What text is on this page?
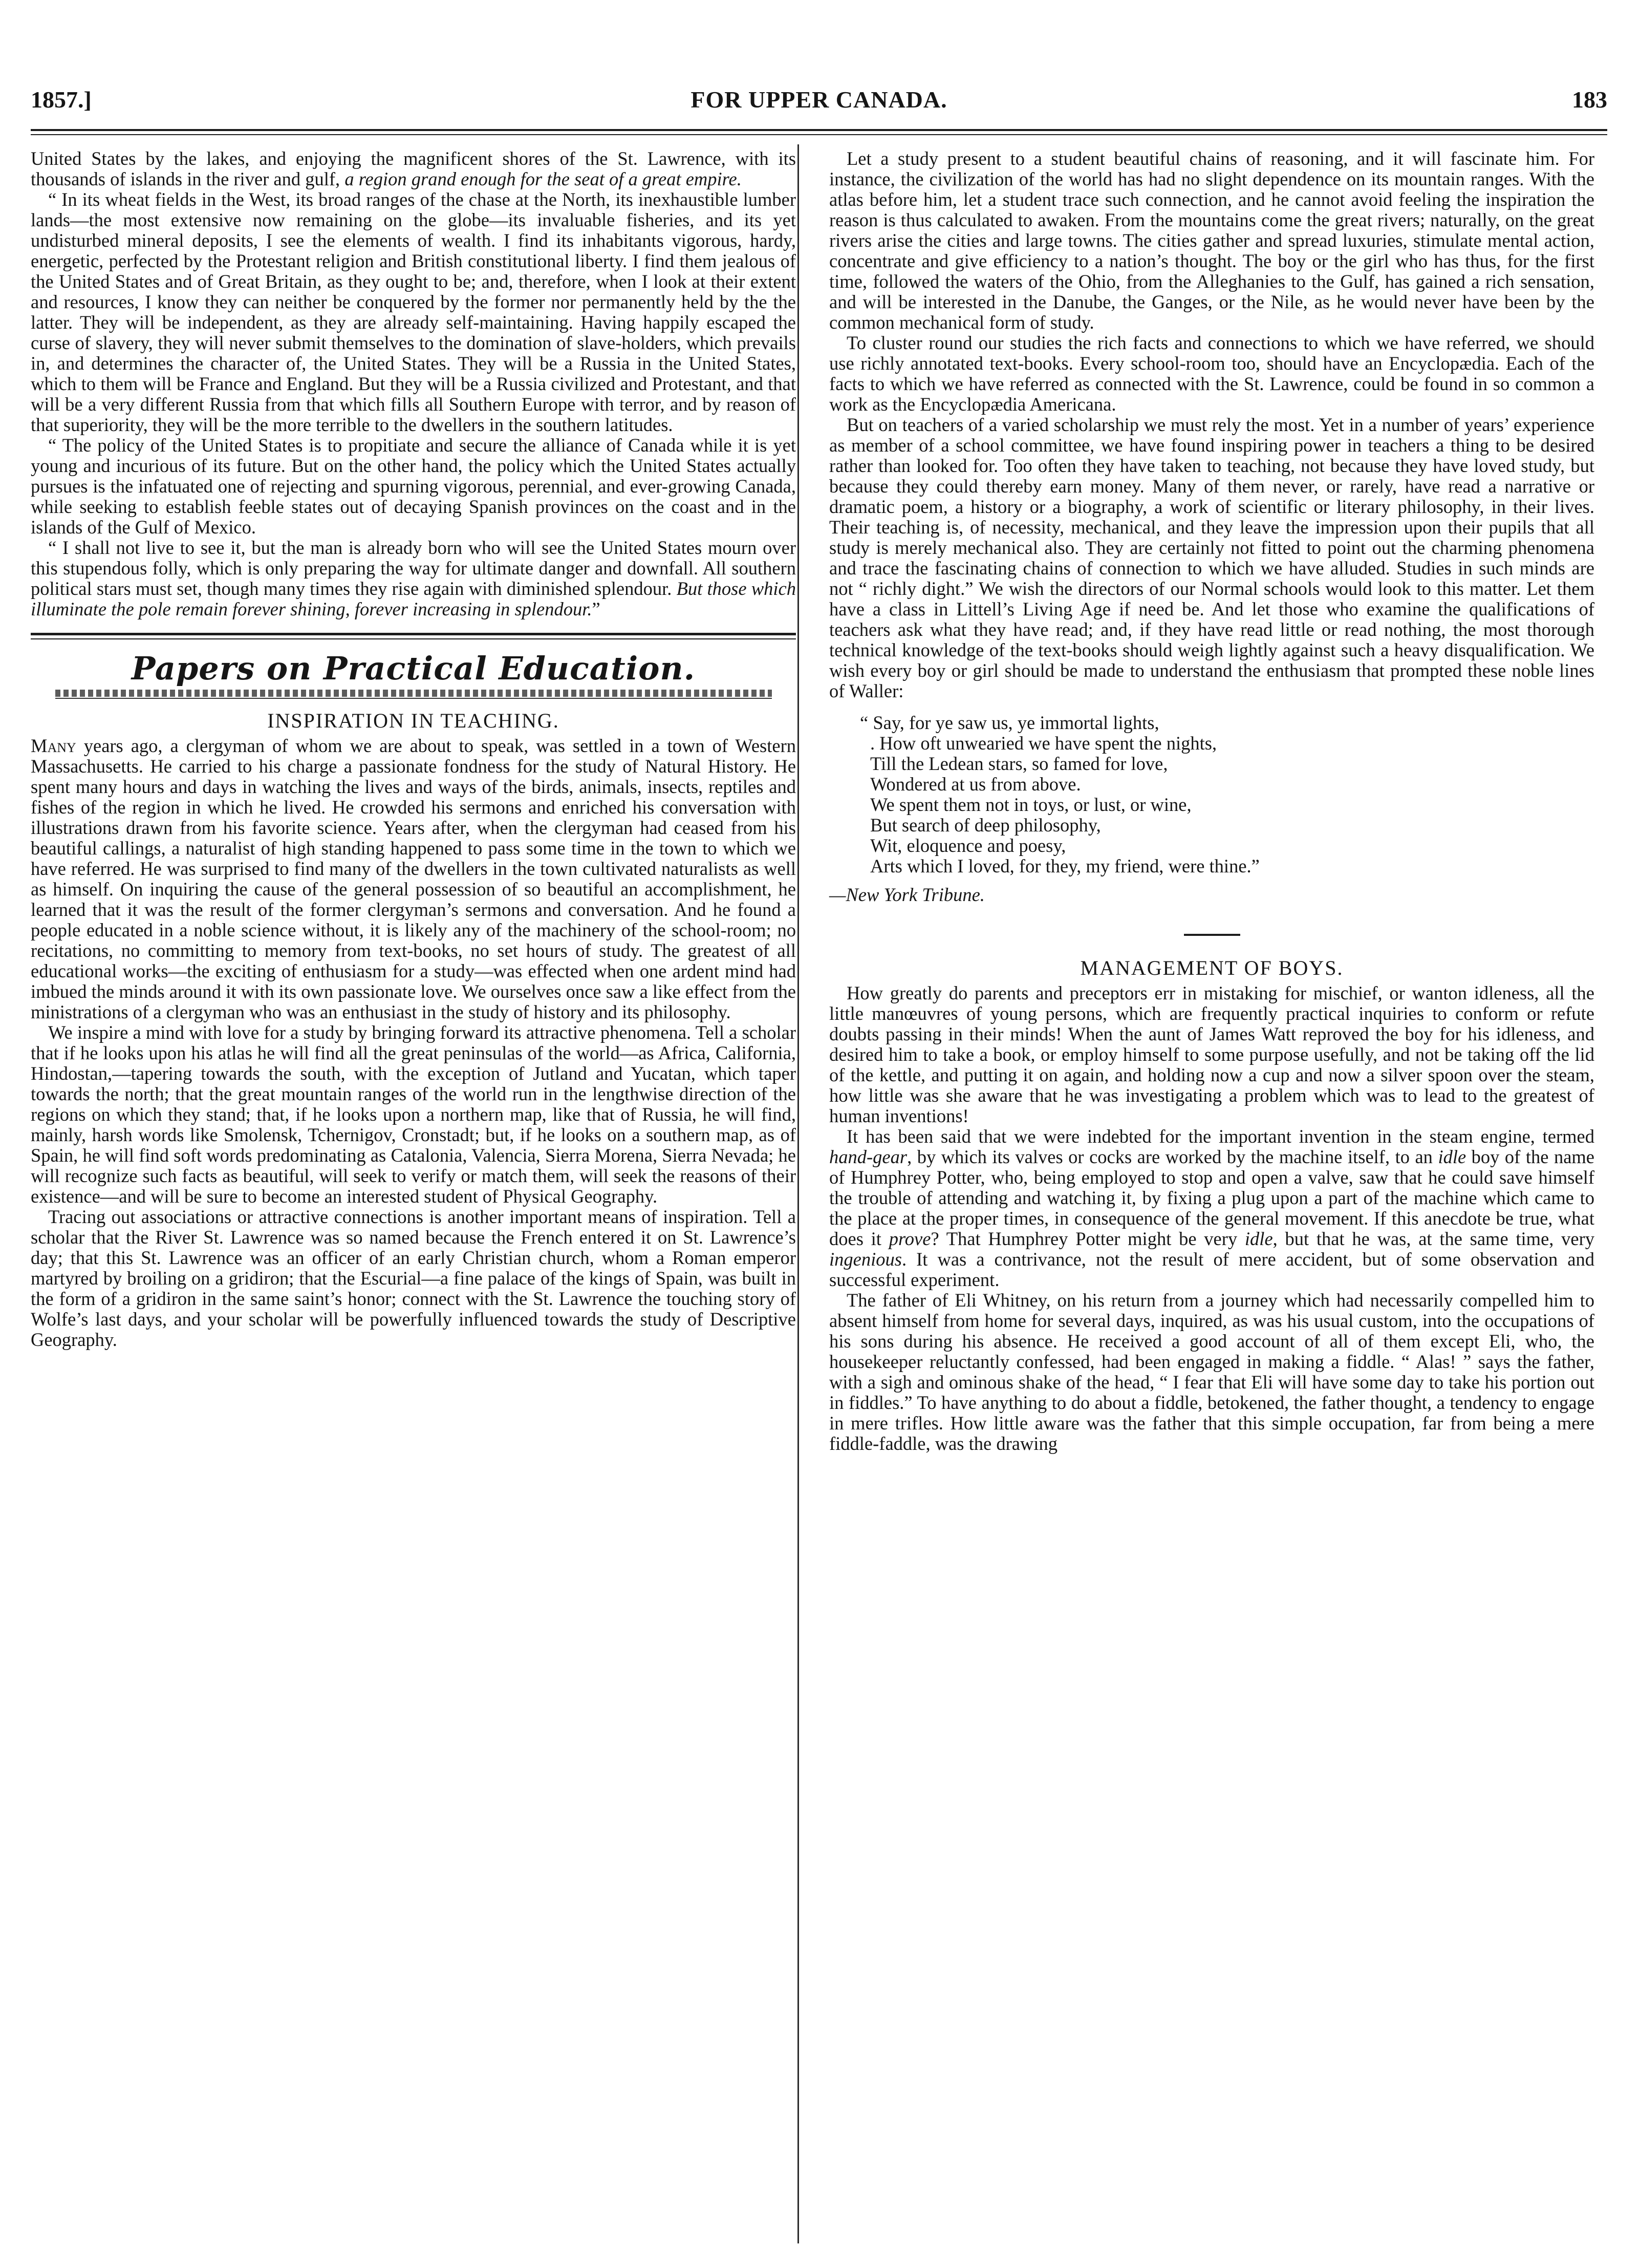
1857.]	FOR UPPER CANADA.	183

United States by the lakes, and enjoying the magnificent shores of the St. Lawrence, with its thousands of islands in the river and gulf, a region grand enough for the seat of a great empire.

“ In its wheat fields in the West, its broad ranges of the chase at the North, its inexhaustible lumber lands—the most extensive now remaining on the globe—its invaluable fisheries, and its yet undisturbed mineral deposits, I see the elements of wealth. I find its inhabitants vigorous, hardy, energetic, perfected by the Protestant religion and British constitutional liberty. I find them jealous of the United States and of Great Britain, as they ought to be; and, therefore, when I look at their extent and resources, I know they can neither be conquered by the former nor permanently held by the the latter. They will be independent, as they are already self-maintaining. Having happily escaped the curse of slavery, they will never submit themselves to the domination of slave-holders, which prevails in, and determines the character of, the United States. They will be a Russia in the United States, which to them will be France and England. But they will be a Russia civilized and Protestant, and that will be a very different Russia from that which fills all Southern Europe with terror, and by reason of that superiority, they will be the more terrible to the dwellers in the southern latitudes.

“ The policy of the United States is to propitiate and secure the alliance of Canada while it is yet young and incurious of its future. But on the other hand, the policy which the United States actually pursues is the infatuated one of rejecting and spurning vigorous, perennial, and ever-growing Canada, while seeking to establish feeble states out of decaying Spanish provinces on the coast and in the islands of the Gulf of Mexico.

“ I shall not live to see it, but the man is already born who will see the United States mourn over this stupendous folly, which is only preparing the way for ultimate danger and downfall. All southern political stars must set, though many times they rise again with diminished splendour. But those which illuminate the pole remain forever shining, forever increasing in splendour.”

Papers on Practical Education.
INSPIRATION IN TEACHING.

Many years ago, a clergyman of whom we are about to speak, was settled in a town of Western Massachusetts. He carried to his charge a passionate fondness for the study of Natural History. He spent many hours and days in watching the lives and ways of the birds, animals, insects, reptiles and fishes of the region in which he lived. He crowded his sermons and enriched his conversation with illustrations drawn from his favorite science. Years after, when the clergyman had ceased from his beautiful callings, a naturalist of high standing happened to pass some time in the town to which we have referred. He was surprised to find many of the dwellers in the town cultivated naturalists as well as himself. On inquiring the cause of the general possession of so beautiful an accomplishment, he learned that it was the result of the former clergyman’s sermons and conversation. And he found a people educated in a noble science without, it is likely any of the machinery of the school-room; no recitations, no committing to memory from text-books, no set hours of study. The greatest of all educational works—the exciting of enthusiasm for a study—was effected when one ardent mind had imbued the minds around it with its own passionate love. We ourselves once saw a like effect from the ministrations of a clergyman who was an enthusiast in the study of history and its philosophy.

We inspire a mind with love for a study by bringing forward its attractive phenomena. Tell a scholar that if he looks upon his atlas he will find all the great peninsulas of the world—as Africa, California, Hindostan,—tapering towards the south, with the exception of Jutland and Yucatan, which taper towards the north; that the great mountain ranges of the world run in the lengthwise direction of the regions on which they stand; that, if he looks upon a northern map, like that of Russia, he will find, mainly, harsh words like Smolensk, Tchernigov, Cronstadt; but, if he looks on a southern map, as of Spain, he will find soft words predominating as Catalonia, Valencia, Sierra Morena, Sierra Nevada; he will recognize such facts as beautiful, will seek to verify or match them, will seek the reasons of their existence—and will be sure to become an interested student of Physical Geography.

Tracing out associations or attractive connections is another important means of inspiration. Tell a scholar that the River St. Lawrence was so named because the French entered it on St. Lawrence’s day; that this St. Lawrence was an officer of an early Christian church, whom a Roman emperor martyred by broiling on a gridiron; that the Escurial—a fine palace of the kings of Spain, was built in the form of a gridiron in the same saint’s honor; connect with the St. Lawrence the touching story of Wolfe’s last days, and your scholar will be powerfully influenced towards the study of Descriptive Geography.

Let a study present to a student beautiful chains of reasoning, and it will fascinate him. For instance, the civilization of the world has had no slight dependence on its mountain ranges. With the atlas before him, let a student trace such connection, and he cannot avoid feeling the inspiration the reason is thus calculated to awaken. From the mountains come the great rivers; naturally, on the great rivers arise the cities and large towns. The cities gather and spread luxuries, stimulate mental action, concentrate and give efficiency to a nation’s thought. The boy or the girl who has thus, for the first time, followed the waters of the Ohio, from the Alleghanies to the Gulf, has gained a rich sensation, and will be interested in the Danube, the Ganges, or the Nile, as he would never have been by the common mechanical form of study.

To cluster round our studies the rich facts and connections to which we have referred, we should use richly annotated text-books. Every school-room too, should have an Encyclopædia. Each of the facts to which we have referred as connected with the St. Lawrence, could be found in so common a work as the Encyclopædia Americana.

But on teachers of a varied scholarship we must rely the most. Yet in a number of years’ experience as member of a school committee, we have found inspiring power in teachers a thing to be desired rather than looked for. Too often they have taken to teaching, not because they have loved study, but because they could thereby earn money. Many of them never, or rarely, have read a narrative or dramatic poem, a history or a biography, a work of scientific or literary philosophy, in their lives. Their teaching is, of necessity, mechanical, and they leave the impression upon their pupils that all study is merely mechanical also. They are certainly not fitted to point out the charming phenomena and trace the fascinating chains of connection to which we have alluded. Studies in such minds are not “ richly dight.” We wish the directors of our Normal schools would look to this matter. Let them have a class in Littell’s Living Age if need be. And let those who examine the qualifications of teachers ask what they have read; and, if they have read little or read nothing, the most thorough technical knowledge of the text-books should weigh lightly against such a heavy disqualification. We wish every boy or girl should be made to understand the enthusiasm that prompted these noble lines of Waller:

“ Say, for ye saw us, ye immortal lights,
. How oft unwearied we have spent the nights,
Till the Ledean stars, so famed for love,
Wondered at us from above.
We spent them not in toys, or lust, or wine,
But search of deep philosophy,
Wit, eloquence and poesy,
Arts which I loved, for they, my friend, were thine.”
—New York Tribune.
MANAGEMENT OF BOYS.

How greatly do parents and preceptors err in mistaking for mischief, or wanton idleness, all the little manœuvres of young persons, which are frequently practical inquiries to conform or refute doubts passing in their minds! When the aunt of James Watt reproved the boy for his idleness, and desired him to take a book, or employ himself to some purpose usefully, and not be taking off the lid of the kettle, and putting it on again, and holding now a cup and now a silver spoon over the steam, how little was she aware that he was investigating a problem which was to lead to the greatest of human inventions!

It has been said that we were indebted for the important invention in the steam engine, termed hand-gear, by which its valves or cocks are worked by the machine itself, to an idle boy of the name of Humphrey Potter, who, being employed to stop and open a valve, saw that he could save himself the trouble of attending and watching it, by fixing a plug upon a part of the machine which came to the place at the proper times, in consequence of the general movement. If this anecdote be true, what does it prove? That Humphrey Potter might be very idle, but that he was, at the same time, very ingenious. It was a contrivance, not the result of mere accident, but of some observation and successful experiment.

The father of Eli Whitney, on his return from a journey which had necessarily compelled him to absent himself from home for several days, inquired, as was his usual custom, into the occupations of his sons during his absence. He received a good account of all of them except Eli, who, the housekeeper reluctantly confessed, had been engaged in making a fiddle. “ Alas! ” says the father, with a sigh and ominous shake of the head, “ I fear that Eli will have some day to take his portion out in fiddles.” To have anything to do about a fiddle, betokened, the father thought, a tendency to engage in mere trifles. How little aware was the father that this simple occupation, far from being a mere fiddle-faddle, was the drawing
